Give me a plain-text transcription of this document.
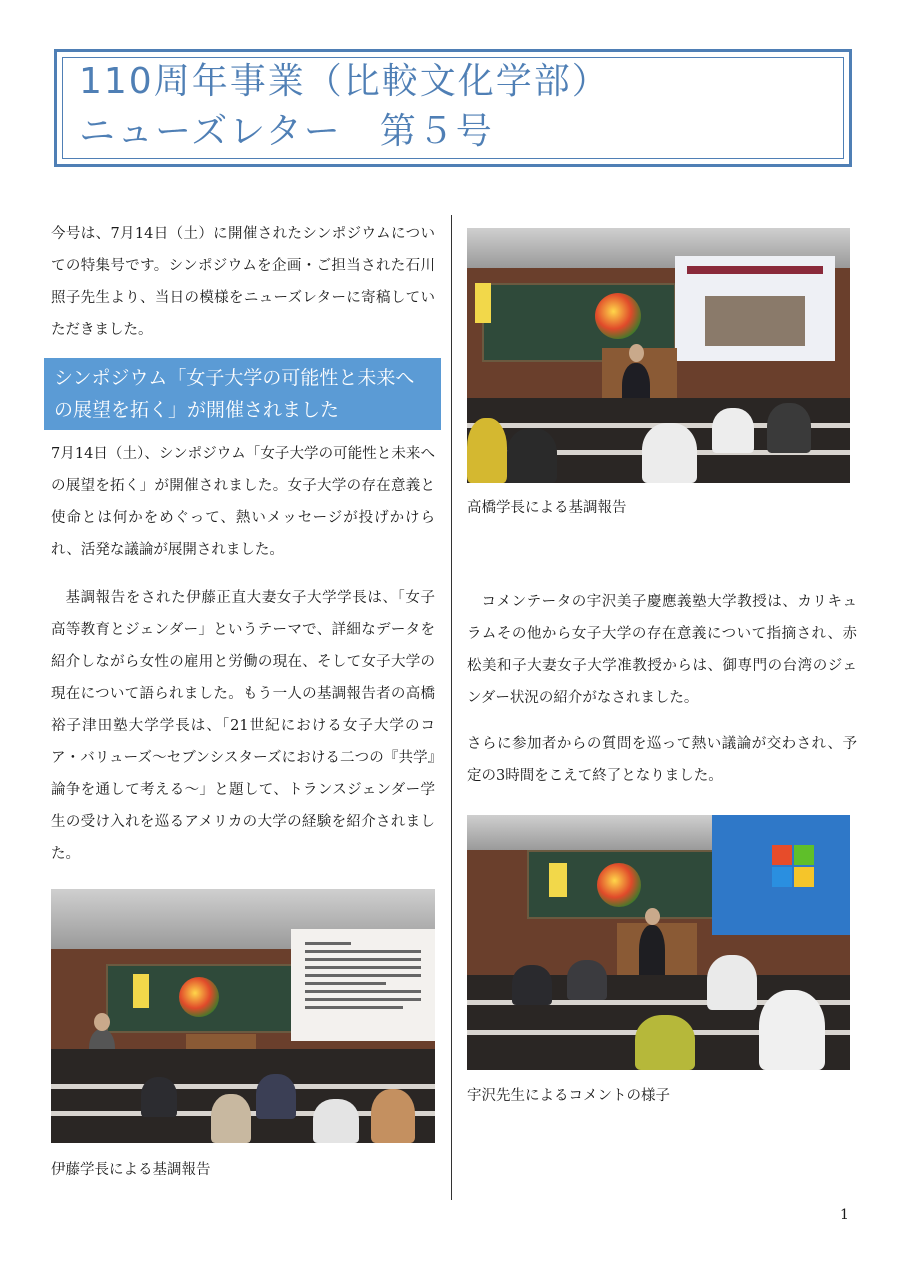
110周年事業（比較文化学部）
ニューズレター　第５号

今号は、7月14日（土）に開催されたシンポジウムについての特集号です。シンポジウムを企画・ご担当された石川照子先生より、当日の模様をニューズレターに寄稿していただきました。

シンポジウム「女子大学の可能性と未来への展望を拓く」が開催されました

7月14日（土）、シンポジウム「女子大学の可能性と未来への展望を拓く」が開催されました。女子大学の存在意義と使命とは何かをめぐって、熱いメッセージが投げかけられ、活発な議論が展開されました。

基調報告をされた伊藤正直大妻女子大学学長は、「女子高等教育とジェンダー」というテーマで、詳細なデータを紹介しながら女性の雇用と労働の現在、そして女子大学の現在について語られました。もう一人の基調報告者の高橋裕子津田塾大学学長は、「21世紀における女子大学のコア・バリューズ～セブンシスターズにおける二つの『共学』論争を通して考える～」と題して、トランスジェンダー学生の受け入れを巡るアメリカの大学の経験を紹介されました。

伊藤学長による基調報告
高橋学長による基調報告

コメンテータの宇沢美子慶應義塾大学教授は、カリキュラムその他から女子大学の存在意義について指摘され、赤松美和子大妻女子大学准教授からは、御専門の台湾のジェンダー状況の紹介がなされました。

さらに参加者からの質問を巡って熱い議論が交わされ、予定の3時間をこえて終了となりました。

宇沢先生によるコメントの様子
1
